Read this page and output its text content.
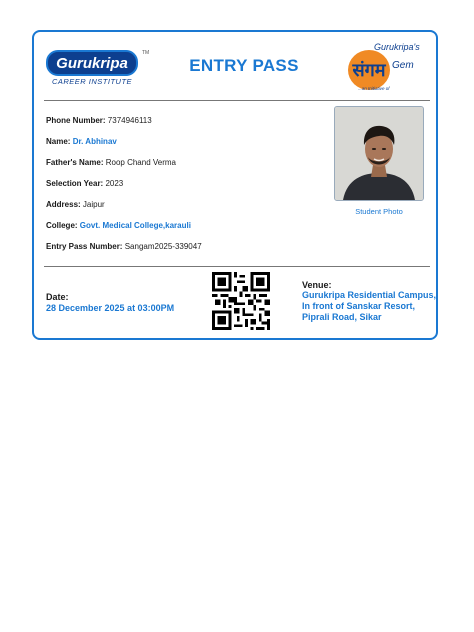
Gurukripa
TM
CAREER INSTITUTE
ENTRY PASS
Gurukripa's
संगम Gem
...an Initiative of
Phone Number: 7374946113
Name: Dr. Abhinav
Father's Name: Roop Chand Verma
Selection Year: 2023
Address: Jaipur
College: Govt. Medical College,karauli
Entry Pass Number: Sangam2025-339047
Student Photo
Date:
28 December 2025 at 03:00PM
Venue:
Gurukripa Residential Campus,
In front of Sanskar Resort,
Piprali Road, Sikar
